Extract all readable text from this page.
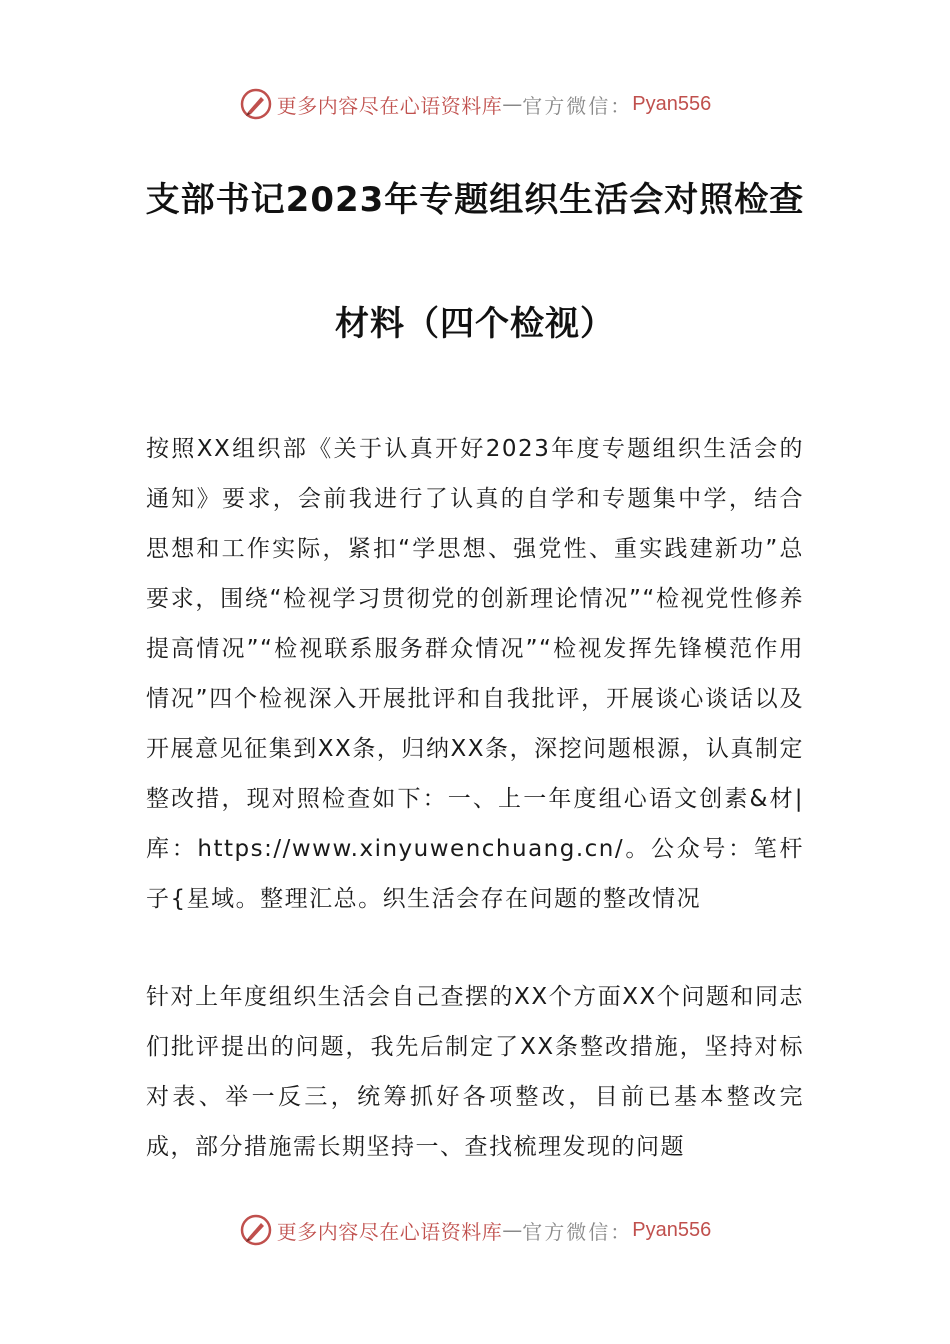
更多内容尽在心语资料库 — 官方微信： Pyan556
支部书记2023年专题组织生活会对照检查
材料（四个检视）

按照XX组织部《关于认真开好2023年度专题组织生活会的通知》要求，会前我进行了认真的自学和专题集中学，结合思想和工作实际，紧扣“学思想、强党性、重实践建新功”总要求，围绕“检视学习贯彻党的创新理论情况”“检视党性修养提高情况”“检视联系服务群众情况”“检视发挥先锋模范作用情况”四个检视深入开展批评和自我批评，开展谈心谈话以及开展意见征集到XX条，归纳XX条，深挖问题根源，认真制定整改措，现对照检查如下：一、上一年度组心语文创素&材|库：https://www.xinyuwenchuang.cn/。公众号：笔杆子{星域。整理汇总。织生活会存在问题的整改情况

针对上年度组织生活会自己查摆的XX个方面XX个问题和同志们批评提出的问题，我先后制定了XX条整改措施，坚持对标对表、举一反三，统筹抓好各项整改，目前已基本整改完成，部分措施需长期坚持一、查找梳理发现的问题

更多内容尽在心语资料库 — 官方微信： Pyan556
